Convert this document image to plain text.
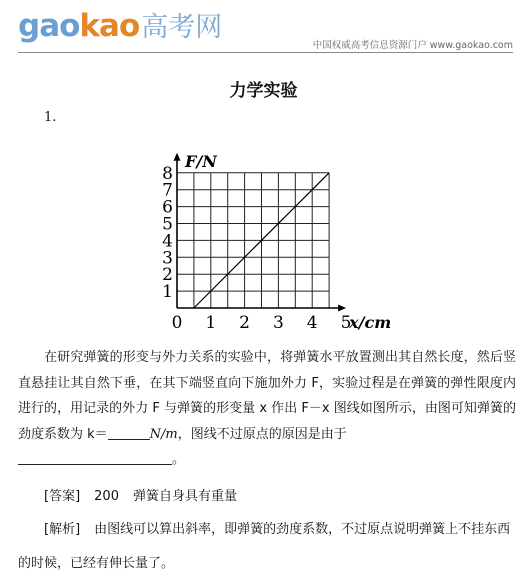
gaokao高考网
中国权威高考信息资源门户 www.gaokao.com
力学实验
1.
1
2
3
4
5
6
7
8
0 1 2 3 4 5
F/N
x/cm
在研究弹簧的形变与外力关系的实验中，将弹簧水平放置测出其自然长度，然后竖直悬挂让其自然下垂，在其下端竖直向下施加外力 F，实验过程是在弹簧的弹性限度内进行的，用记录的外力 F 与弹簧的形变量 x 作出 F－x 图线如图所示，由图可知弹簧的劲度系数为 k＝	N/m，图线不过原点的原因是由于
。
[答案] 200 弹簧自身具有重量
[解析] 由图线可以算出斜率，即弹簧的劲度系数，不过原点说明弹簧上不挂东西的时候，已经有伸长量了。
